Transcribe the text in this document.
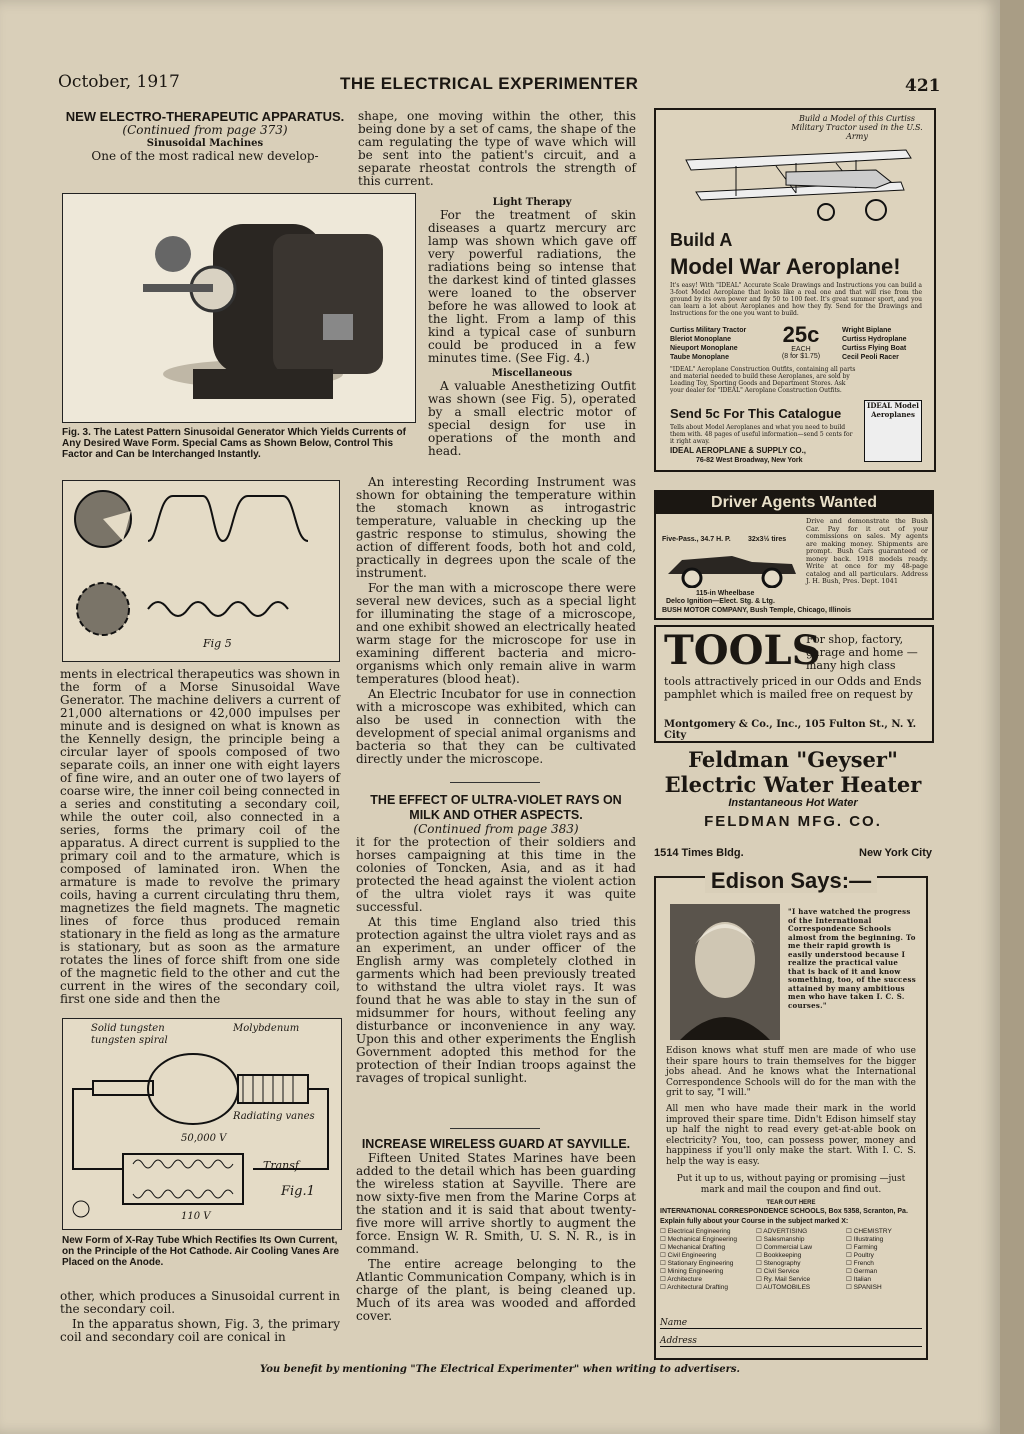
October, 1917	THE ELECTRICAL EXPERIMENTER	421
NEW ELECTRO-THERAPEUTIC APPARATUS.
(Continued from page 373)
Sinusoidal Machines
One of the most radical new develop-
Fig. 3. The Latest Pattern Sinusoidal Generator Which Yields Currents of Any Desired Wave Form. Special Cams as Shown Below, Control This Factor and Can be Interchanged Instantly.
Fig 5

ments in electrical therapeutics was shown in the form of a Morse Sinusoidal Wave Generator. The machine delivers a current of 21,000 alternations or 42,000 impulses per minute and is designed on what is known as the Kennelly design, the principle being a circular layer of spools composed of two separate coils, an inner one with eight layers of fine wire, and an outer one of two layers of coarse wire, the inner coil being connected in a series and constituting a secondary coil, while the outer coil, also connected in a series, forms the primary coil of the apparatus. A direct current is supplied to the primary coil and to the armature, which is composed of laminated iron. When the armature is made to revolve the primary coils, having a current circulating thru them, magnetizes the field magnets. The magnetic lines of force thus produced remain stationary in the field as long as the armature is stationary, but as soon as the armature rotates the lines of force shift from one side of the magnetic field to the other and cut the current in the wires of the secondary coil, first one side and then the

Solid tungsten
tungsten spiral
Molybdenum
Radiating vanes
50,000 V
Transf
Fig.1
110 V
New Form of X-Ray Tube Which Rectifies Its Own Current, on the Principle of the Hot Cathode. Air Cooling Vanes Are Placed on the Anode.

other, which produces a Sinusoidal current in the secondary coil.

In the apparatus shown, Fig. 3, the primary coil and secondary coil are conical in

shape, one moving within the other, this being done by a set of cams, the shape of the cam regulating the type of wave which will be sent into the patient's circuit, and a separate rheostat controls the strength of this current.

Light Therapy

For the treatment of skin diseases a quartz mercury arc lamp was shown which gave off very powerful radiations, the radiations being so intense that the darkest kind of tinted glasses were loaned to the observer before he was allowed to look at the light. From a lamp of this kind a typical case of sunburn could be produced in a few minutes time. (See Fig. 4.)

Miscellaneous

A valuable Anesthetizing Outfit was shown (see Fig. 5), operated by a small electric motor of special design for use in operations of the month and head.

An interesting Recording Instrument was shown for obtaining the temperature within the stomach known as introgastric temperature, valuable in checking up the gastric response to stimulus, showing the action of different foods, both hot and cold, practically in degrees upon the scale of the instrument.

For the man with a microscope there were several new devices, such as a special light for illuminating the stage of a microscope, and one exhibit showed an electrically heated warm stage for the microscope for use in examining different bacteria and micro-organisms which only remain alive in warm temperatures (blood heat).

An Electric Incubator for use in connection with a microscope was exhibited, which can also be used in connection with the development of special animal organisms and bacteria so that they can be cultivated directly under the microscope.

THE EFFECT OF ULTRA-VIOLET RAYS ON MILK AND OTHER ASPECTS.
(Continued from page 383)

it for the protection of their soldiers and horses campaigning at this time in the colonies of Toncken, Asia, and as it had protected the head against the violent action of the ultra violet rays it was quite successful.

At this time England also tried this protection against the ultra violet rays and as an experiment, an under officer of the English army was completely clothed in garments which had been previously treated to withstand the ultra violet rays. It was found that he was able to stay in the sun of midsummer for hours, without feeling any disturbance or inconvenience in any way. Upon this and other experiments the English Government adopted this method for the protection of their Indian troops against the ravages of tropical sunlight.

INCREASE WIRELESS GUARD AT SAYVILLE.

Fifteen United States Marines have been added to the detail which has been guarding the wireless station at Sayville. There are now sixty-five men from the Marine Corps at the station and it is said that about twenty-five more will arrive shortly to augment the force. Ensign W. R. Smith, U. S. N. R., is in command.

The entire acreage belonging to the Atlantic Communication Company, which is in charge of the plant, is being cleaned up. Much of its area was wooded and afforded cover.

Build a Model of this Curtiss Military Tractor used in the U.S. Army
Build A
Model War Aeroplane!
It's easy! With "IDEAL" Accurate Scale Drawings and Instructions you can build a 3-foot Model Aeroplane that looks like a real one and that will rise from the ground by its own power and fly 50 to 100 feet. It's great summer sport, and you can learn a lot about Aeroplanes and how they fly. Send for the Drawings and Instructions for the one you want to build.
Curtiss Military Tractor
Bleriot Monoplane
Nieuport Monoplane
Taube Monoplane
25c
EACH
(8 for $1.75)
Wright Biplane
Curtiss Hydroplane
Curtiss Flying Boat
Cecil Peoli Racer
"IDEAL" Aeroplane Construction Outfits, containing all parts and material needed to build these Aeroplanes, are sold by Leading Toy, Sporting Goods and Department Stores. Ask your dealer for "IDEAL" Aeroplane Construction Outfits.
IDEAL Model Aeroplanes
Send 5c For This Catalogue
Tells about Model Aeroplanes and what you need to build them with. 48 pages of useful information—send 5 cents for it right away.
IDEAL AEROPLANE & SUPPLY CO.,
76-82 West Broadway, New York
Driver Agents Wanted
Drive and demonstrate the Bush Car. Pay for it out of your commissions on sales. My agents are making money. Shipments are prompt. Bush Cars guaranteed or money back. 1918 models ready. Write at once for my 48-page catalog and all particulars. Address J. H. Bush, Pres. Dept. 1041
Five-Pass., 34.7 H. P. 32x3½ tires
115-in Wheelbase
Delco Ignition—Elect. Stg. & Ltg.
BUSH MOTOR COMPANY, Bush Temple, Chicago, Illinois
TOOLS
For shop, factory, garage and home —many high class
tools attractively priced in our Odds and Ends pamphlet which is mailed free on request by
Montgomery & Co., Inc., 105 Fulton St., N. Y. City
Feldman "Geyser"
Electric Water Heater
Instantaneous Hot Water
FELDMAN MFG. CO.
1514 Times Bldg.	New York City
Edison Says:—
"I have watched the progress of the International Correspondence Schools almost from the beginning. To me their rapid growth is easily understood because I realize the practical value that is back of it and know something, too, of the success attained by many ambitious men who have taken I. C. S. courses."
Edison knows what stuff men are made of who use their spare hours to train themselves for the bigger jobs ahead. And he knows what the International Correspondence Schools will do for the man with the grit to say, "I will."
All men who have made their mark in the world improved their spare time. Didn't Edison himself stay up half the night to read every get-at-able book on electricity? You, too, can possess power, money and happiness if you'll only make the start. With I. C. S. help the way is easy.
Put it up to us, without paying or promising —just mark and mail the coupon and find out.
TEAR OUT HERE
INTERNATIONAL CORRESPONDENCE SCHOOLS, Box 5358, Scranton, Pa.
Explain fully about your Course in the subject marked X:
☐ Electrical Engineering
☐ Mechanical Engineering
☐ Mechanical Drafting
☐ Civil Engineering
☐ Stationary Engineering
☐ Mining Engineering
☐ Architecture
☐ Architectural Drafting
☐ ADVERTISING
☐ Salesmanship
☐ Commercial Law
☐ Bookkeeping
☐ Stenography
☐ Civil Service
☐ Ry. Mail Service
☐ AUTOMOBILES
☐ CHEMISTRY
☐ Illustrating
☐ Farming
☐ Poultry
☐ French
☐ German
☐ Italian
☐ SPANISH
Name
Address
You benefit by mentioning "The Electrical Experimenter" when writing to advertisers.
